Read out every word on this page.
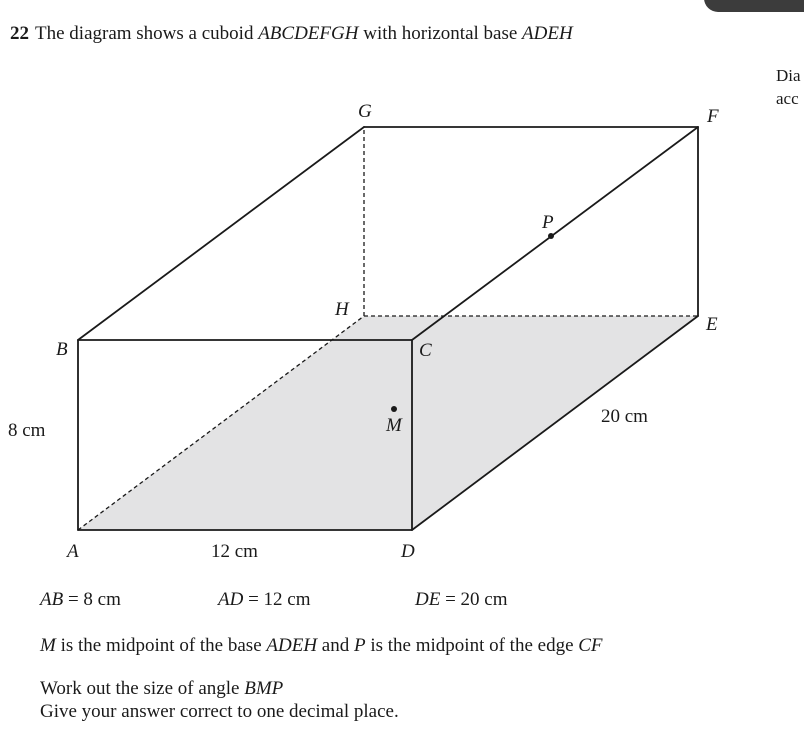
22 The diagram shows a cuboid ABCDEFGH with horizontal base ADEH
Dia
acc
G	F
P
H
E
B	C
M
A	D
8 cm
12 cm
20 cm
AB = 8 cm	AD = 12 cm	DE = 20 cm
M is the midpoint of the base ADEH and P is the midpoint of the edge CF
Work out the size of angle BMP
Give your answer correct to one decimal place.
